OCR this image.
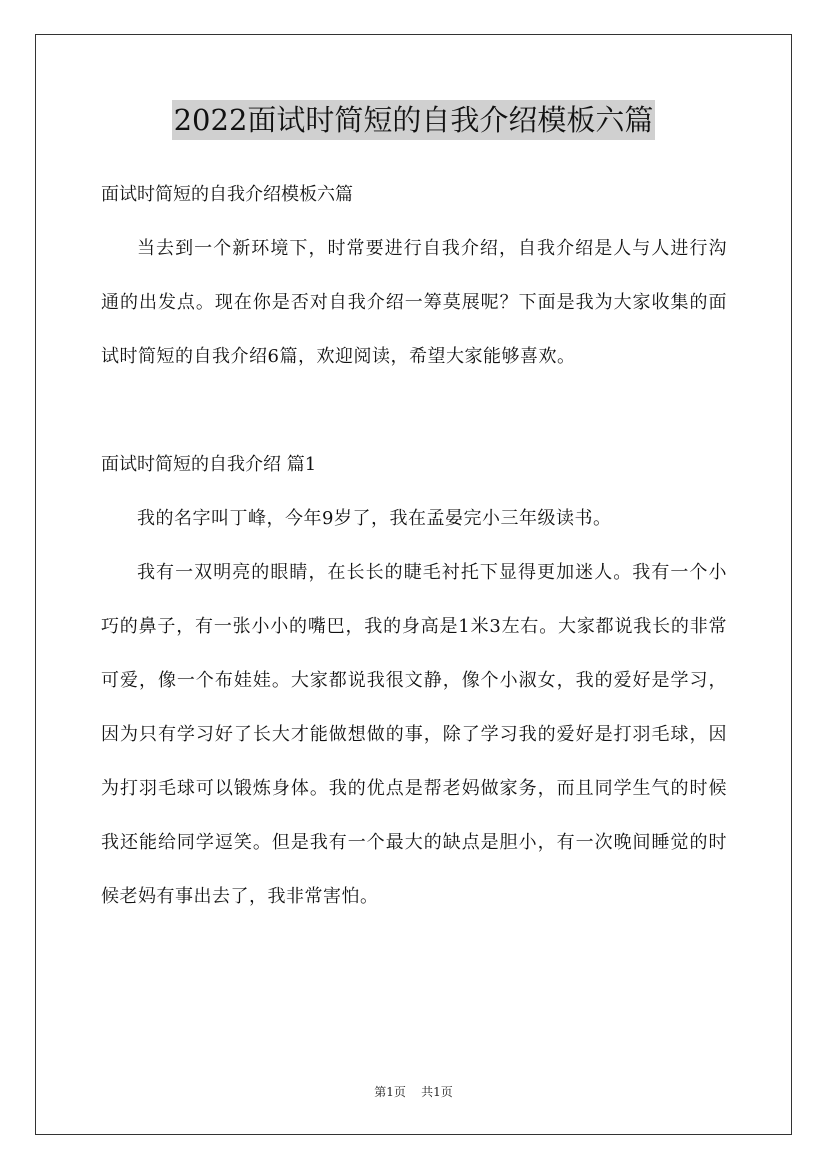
2022面试时简短的自我介绍模板六篇

面试时简短的自我介绍模板六篇

当去到一个新环境下，时常要进行自我介绍，自我介绍是人与人进行沟通的出发点。现在你是否对自我介绍一筹莫展呢？下面是我为大家收集的面试时简短的自我介绍6篇，欢迎阅读，希望大家能够喜欢。

面试时简短的自我介绍 篇1

我的名字叫丁峰，今年9岁了，我在孟晏完小三年级读书。

我有一双明亮的眼睛，在长长的睫毛衬托下显得更加迷人。我有一个小巧的鼻子，有一张小小的嘴巴，我的身高是1米3左右。大家都说我长的非常可爱，像一个布娃娃。大家都说我很文静，像个小淑女，我的爱好是学习，因为只有学习好了长大才能做想做的事，除了学习我的爱好是打羽毛球，因为打羽毛球可以锻炼身体。我的优点是帮老妈做家务，而且同学生气的时候我还能给同学逗笑。但是我有一个最大的缺点是胆小，有一次晚间睡觉的时候老妈有事出去了，我非常害怕。

第1页 共1页
